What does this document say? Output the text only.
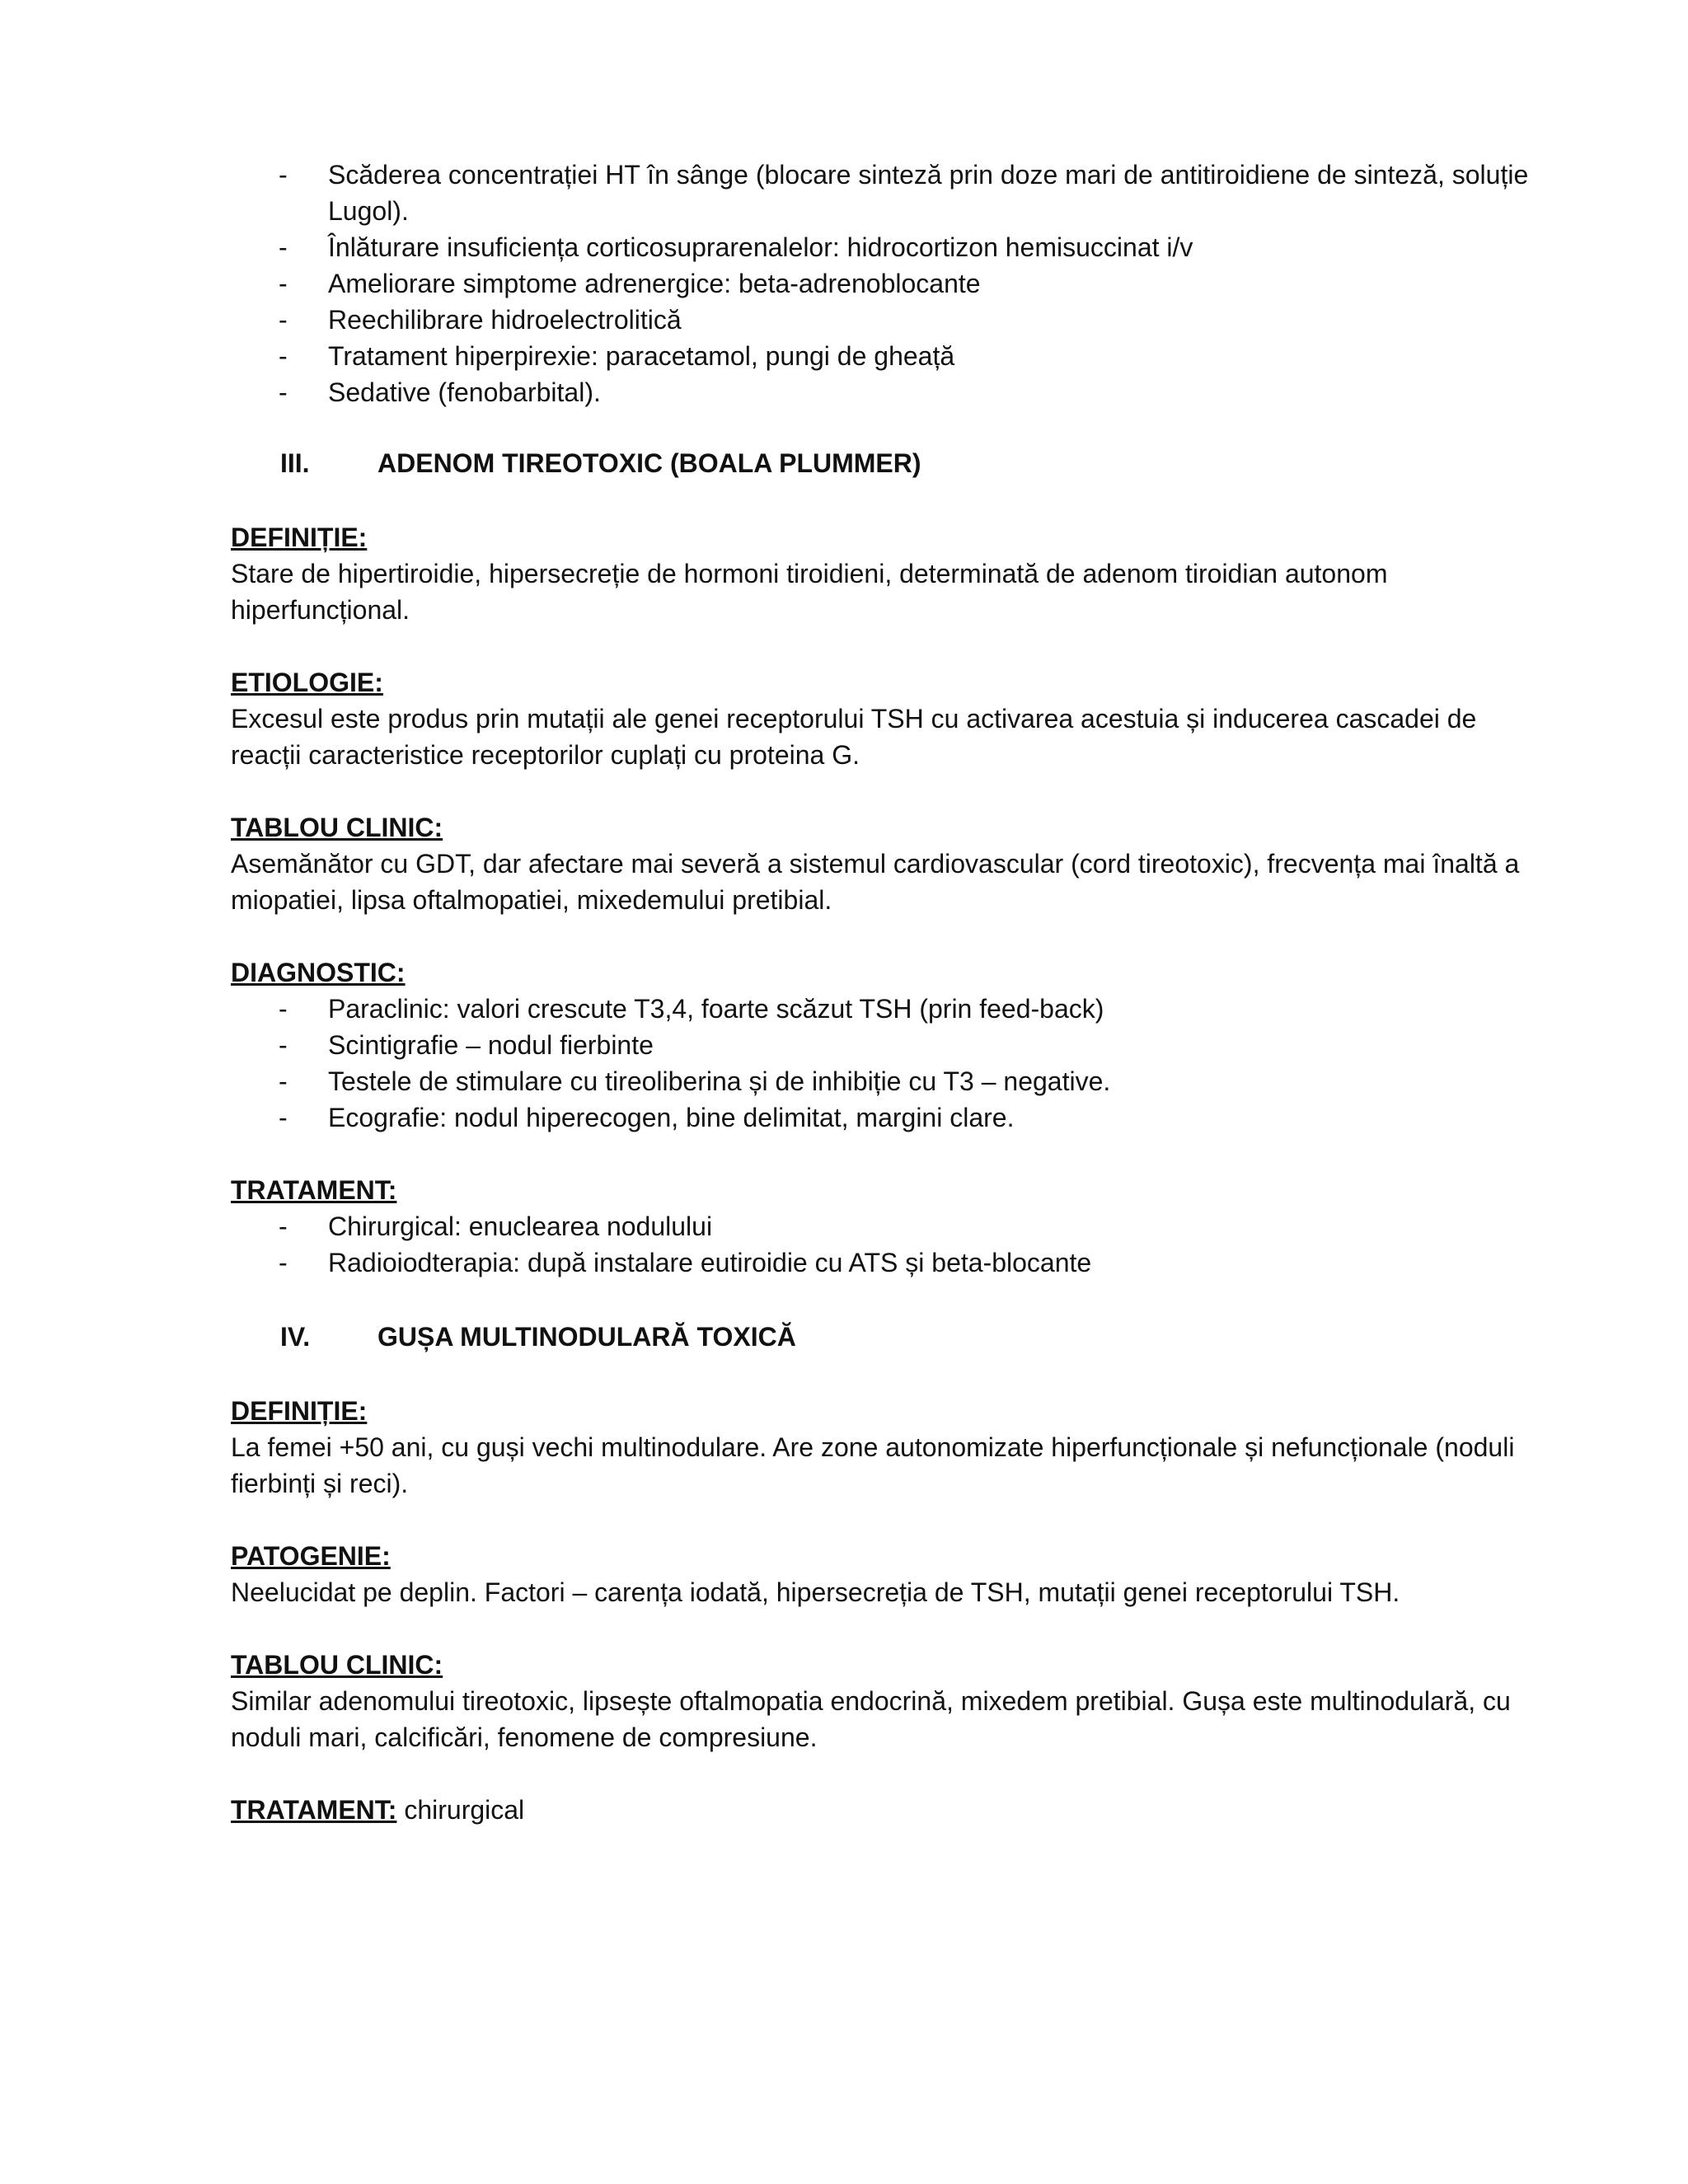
- Scăderea concentrației HT în sânge (blocare sinteză prin doze mari de antitiroidiene de sinteză, soluție Lugol).
- Înlăturare insuficiența corticosuprarenalelor: hidrocortizon hemisuccinat i/v
- Ameliorare simptome adrenergice: beta-adrenoblocante
- Reechilibrare hidroelectrolitică
- Tratament hiperpirexie: paracetamol, pungi de gheață
- Sedative (fenobarbital).
III.	ADENOM TIREOTOXIC (BOALA PLUMMER)
DEFINIȚIE:

Stare de hipertiroidie, hipersecreție de hormoni tiroidieni, determinată de adenom tiroidian autonom hiperfuncțional.

ETIOLOGIE:

Excesul este produs prin mutații ale genei receptorului TSH cu activarea acestuia și inducerea cascadei de reacții caracteristice receptorilor cuplați cu proteina G.

TABLOU CLINIC:

Asemănător cu GDT, dar afectare mai severă a sistemul cardiovascular (cord tireotoxic), frecvența mai înaltă a miopatiei, lipsa oftalmopatiei, mixedemului pretibial.

DIAGNOSTIC:
- Paraclinic: valori crescute T3,4, foarte scăzut TSH (prin feed-back)
- Scintigrafie – nodul fierbinte
- Testele de stimulare cu tireoliberina și de inhibiție cu T3 – negative.
- Ecografie: nodul hiperecogen, bine delimitat, margini clare.
TRATAMENT:
- Chirurgical: enuclearea nodulului
- Radioiodterapia: după instalare eutiroidie cu ATS și beta-blocante
IV.	GUȘA MULTINODULARĂ TOXICĂ
DEFINIȚIE:

La femei +50 ani, cu guși vechi multinodulare. Are zone autonomizate hiperfuncționale și nefuncționale (noduli fierbinți și reci).

PATOGENIE:

Neelucidat pe deplin. Factori – carența iodată, hipersecreția de TSH, mutații genei receptorului TSH.

TABLOU CLINIC:

Similar adenomului tireotoxic, lipsește oftalmopatia endocrină, mixedem pretibial. Gușa este multinodulară, cu noduli mari, calcificări, fenomene de compresiune.

TRATAMENT: chirurgical
